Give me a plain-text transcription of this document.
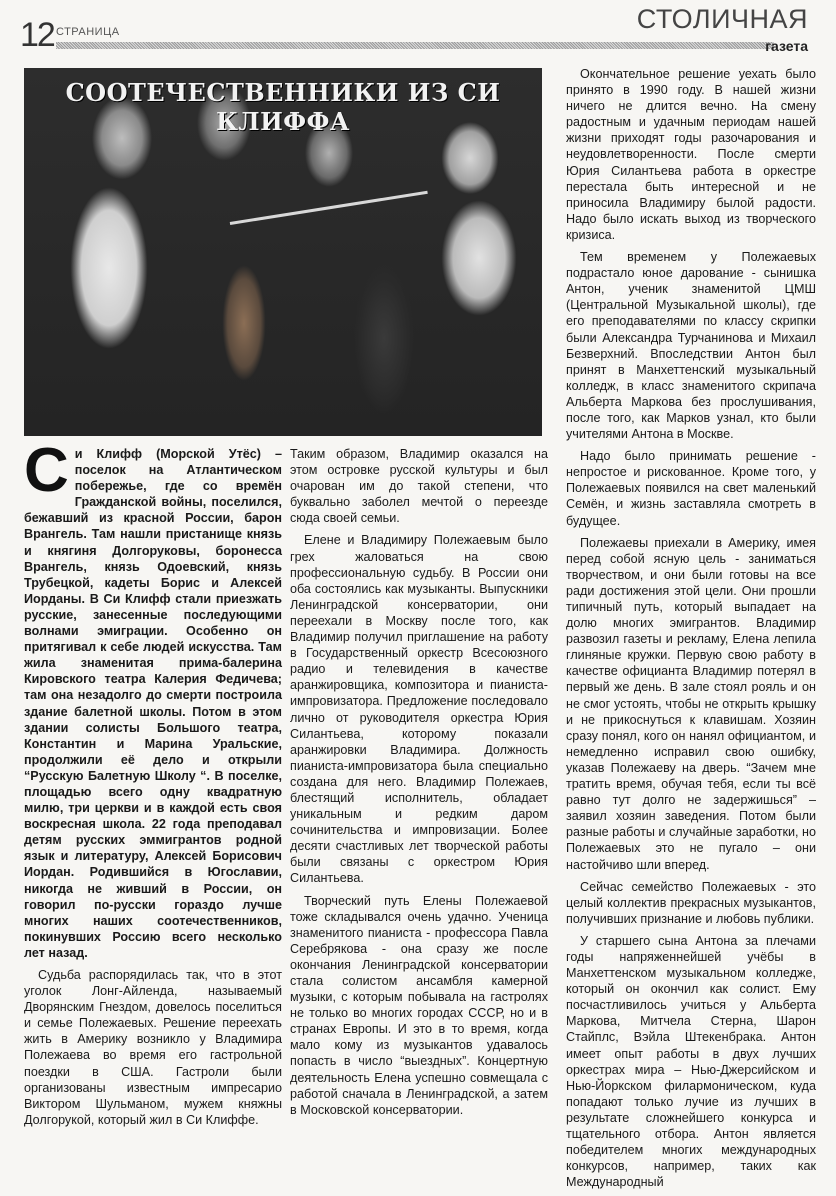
12 СТРАНИЦА	СТОЛИЧНАЯ
газета
СООТЕЧЕСТВЕННИКИ ИЗ СИ КЛИФФА
Си Клифф (Морской Утёс) – поселок на Атлантическом побережье, где со времён Гражданской войны, поселился, бежавший из красной России, барон Врангель. Там нашли пристанище князь и княгиня Долгоруковы, боронесса Врангель, князь Одоевский, князь Трубецкой, кадеты Борис и Алексей Иорданы. В Си Клифф стали приезжать русские, занесенные последующими волнами эмиграции. Особенно он притягивал к себе людей искусства. Там жила знаменитая прима-балерина Кировского театра Калерия Федичева; там она незадолго до смерти построила здание балетной школы. Потом в этом здании солисты Большого театра, Константин и Марина Уральские, продолжили её дело и открыли “Русскую Балетную Школу “. В поселке, площадью всего одну квадратную милю, три церкви и в каждой есть своя воскресная школа. 22 года преподавал детям русских эммигрантов родной язык и литературу, Алексей Борисович Иордан. Родившийся в Югославии, никогда не живший в России, он говорил по-русски гораздо лучше многих наших соотечественников, покинувших Россию всего несколько лет назад.

Судьба распорядилась так, что в этот уголок Лонг-Айленда, называемый Дворянским Гнездом, довелось поселиться и семье Полежаевых. Решение переехать жить в Америку возникло у Владимира Полежаева во время его гастрольной поездки в США. Гастроли были организованы известным импресарио Виктором Шульманом, мужем княжны Долгорукой, который жил в Си Клиффе.

Таким образом, Владимир оказался на этом островке русской культуры и был очарован им до такой степени, что буквально заболел мечтой о переезде сюда своей семьи.

Елене и Владимиру Полежаевым было грех жаловаться на свою профессиональную судьбу. В России они оба состоялись как музыканты. Выпускники Ленинградской консерватории, они переехали в Москву после того, как Владимир получил приглашение на работу в Государственный оркестр Всесоюзного радио и телевидения в качестве аранжировщика, композитора и пианиста-импровизатора. Предложение последовало лично от руководителя оркестра Юрия Силантьева, которому показали аранжировки Владимира. Должность пианиста-импровизатора была специально создана для него. Владимир Полежаев, блестящий исполнитель, обладает уникальным и редким даром сочинительства и импровизации. Более десяти счастливых лет творческой работы были связаны с оркестром Юрия Силантьева.

Творческий путь Елены Полежаевой тоже складывался очень удачно. Ученица знаменитого пианиста - профессора Павла Серебрякова - она сразу же после окончания Ленинградской консерватории стала солистом ансамбля камерной музыки, с которым побывала на гастролях не только во многих городах СССР, но и в странах Европы. И это в то время, когда мало кому из музыкантов удавалось попасть в число “выездных”. Концертную деятельность Елена успешно совмещала с работой сначала в Ленинградской, а затем в Московской консерватории.

Окончательное решение уехать было принято в 1990 году. В нашей жизни ничего не длится вечно. На смену радостным и удачным периодам нашей жизни приходят годы разочарования и неудовлетворенности. После смерти Юрия Силантьева работа в оркестре перестала быть интересной и не приносила Владимиру былой радости. Надо было искать выход из творческого кризиса.

Тем временем у Полежаевых подрастало юное дарование - сынишка Антон, ученик знаменитой ЦМШ (Центральной Музыкальной школы), где его преподавателями по классу скрипки были Александра Турчанинова и Михаил Безверхний. Впоследствии Антон был принят в Манхеттенский музыкальный колледж, в класс знаменитого скрипача Альберта Маркова без прослушивания, после того, как Марков узнал, кто были учителями Антона в Москве.

Надо было принимать решение - непростое и рискованное. Кроме того, у Полежаевых появился на свет маленький Семён, и жизнь заставляла смотреть в будущее.

Полежаевы приехали в Америку, имея перед собой ясную цель - заниматься творчеством, и они были готовы на все ради достижения этой цели. Они прошли типичный путь, который выпадает на долю многих эмигрантов. Владимир развозил газеты и рекламу, Елена лепила глиняные кружки. Первую свою работу в качестве официанта Владимир потерял в первый же день. В зале стоял рояль и он не смог устоять, чтобы не открыть крышку и не прикоснуться к клавишам. Хозяин сразу понял, кого он нанял официантом, и немедленно исправил свою ошибку, указав Полежаеву на дверь. “Зачем мне тратить время, обучая тебя, если ты всё равно тут долго не задержишься” – заявил хозяин заведения. Потом были разные работы и случайные заработки, но Полежаевых это не пугало – они настойчиво шли вперед.

Сейчас семейство Полежаевых - это целый коллектив прекрасных музыкантов, получивших признание и любовь публики.

У старшего сына Антона за плечами годы напряженнейшей учёбы в Манхеттенском музыкальном колледже, который он окончил как солист. Ему посчастливилось учиться у Альберта Маркова, Митчела Стерна, Шарон Стайплс, Вэйла Штекенбрака. Антон имеет опыт работы в двух лучших оркестрах мира – Нью-Джерсийском и Нью-Йоркском филармоническом, куда попадают только лучие из лучших в результате сложнейшего конкурса и тщательного отбора. Антон является победителем многих международных конкурсов, например, таких как Международный
